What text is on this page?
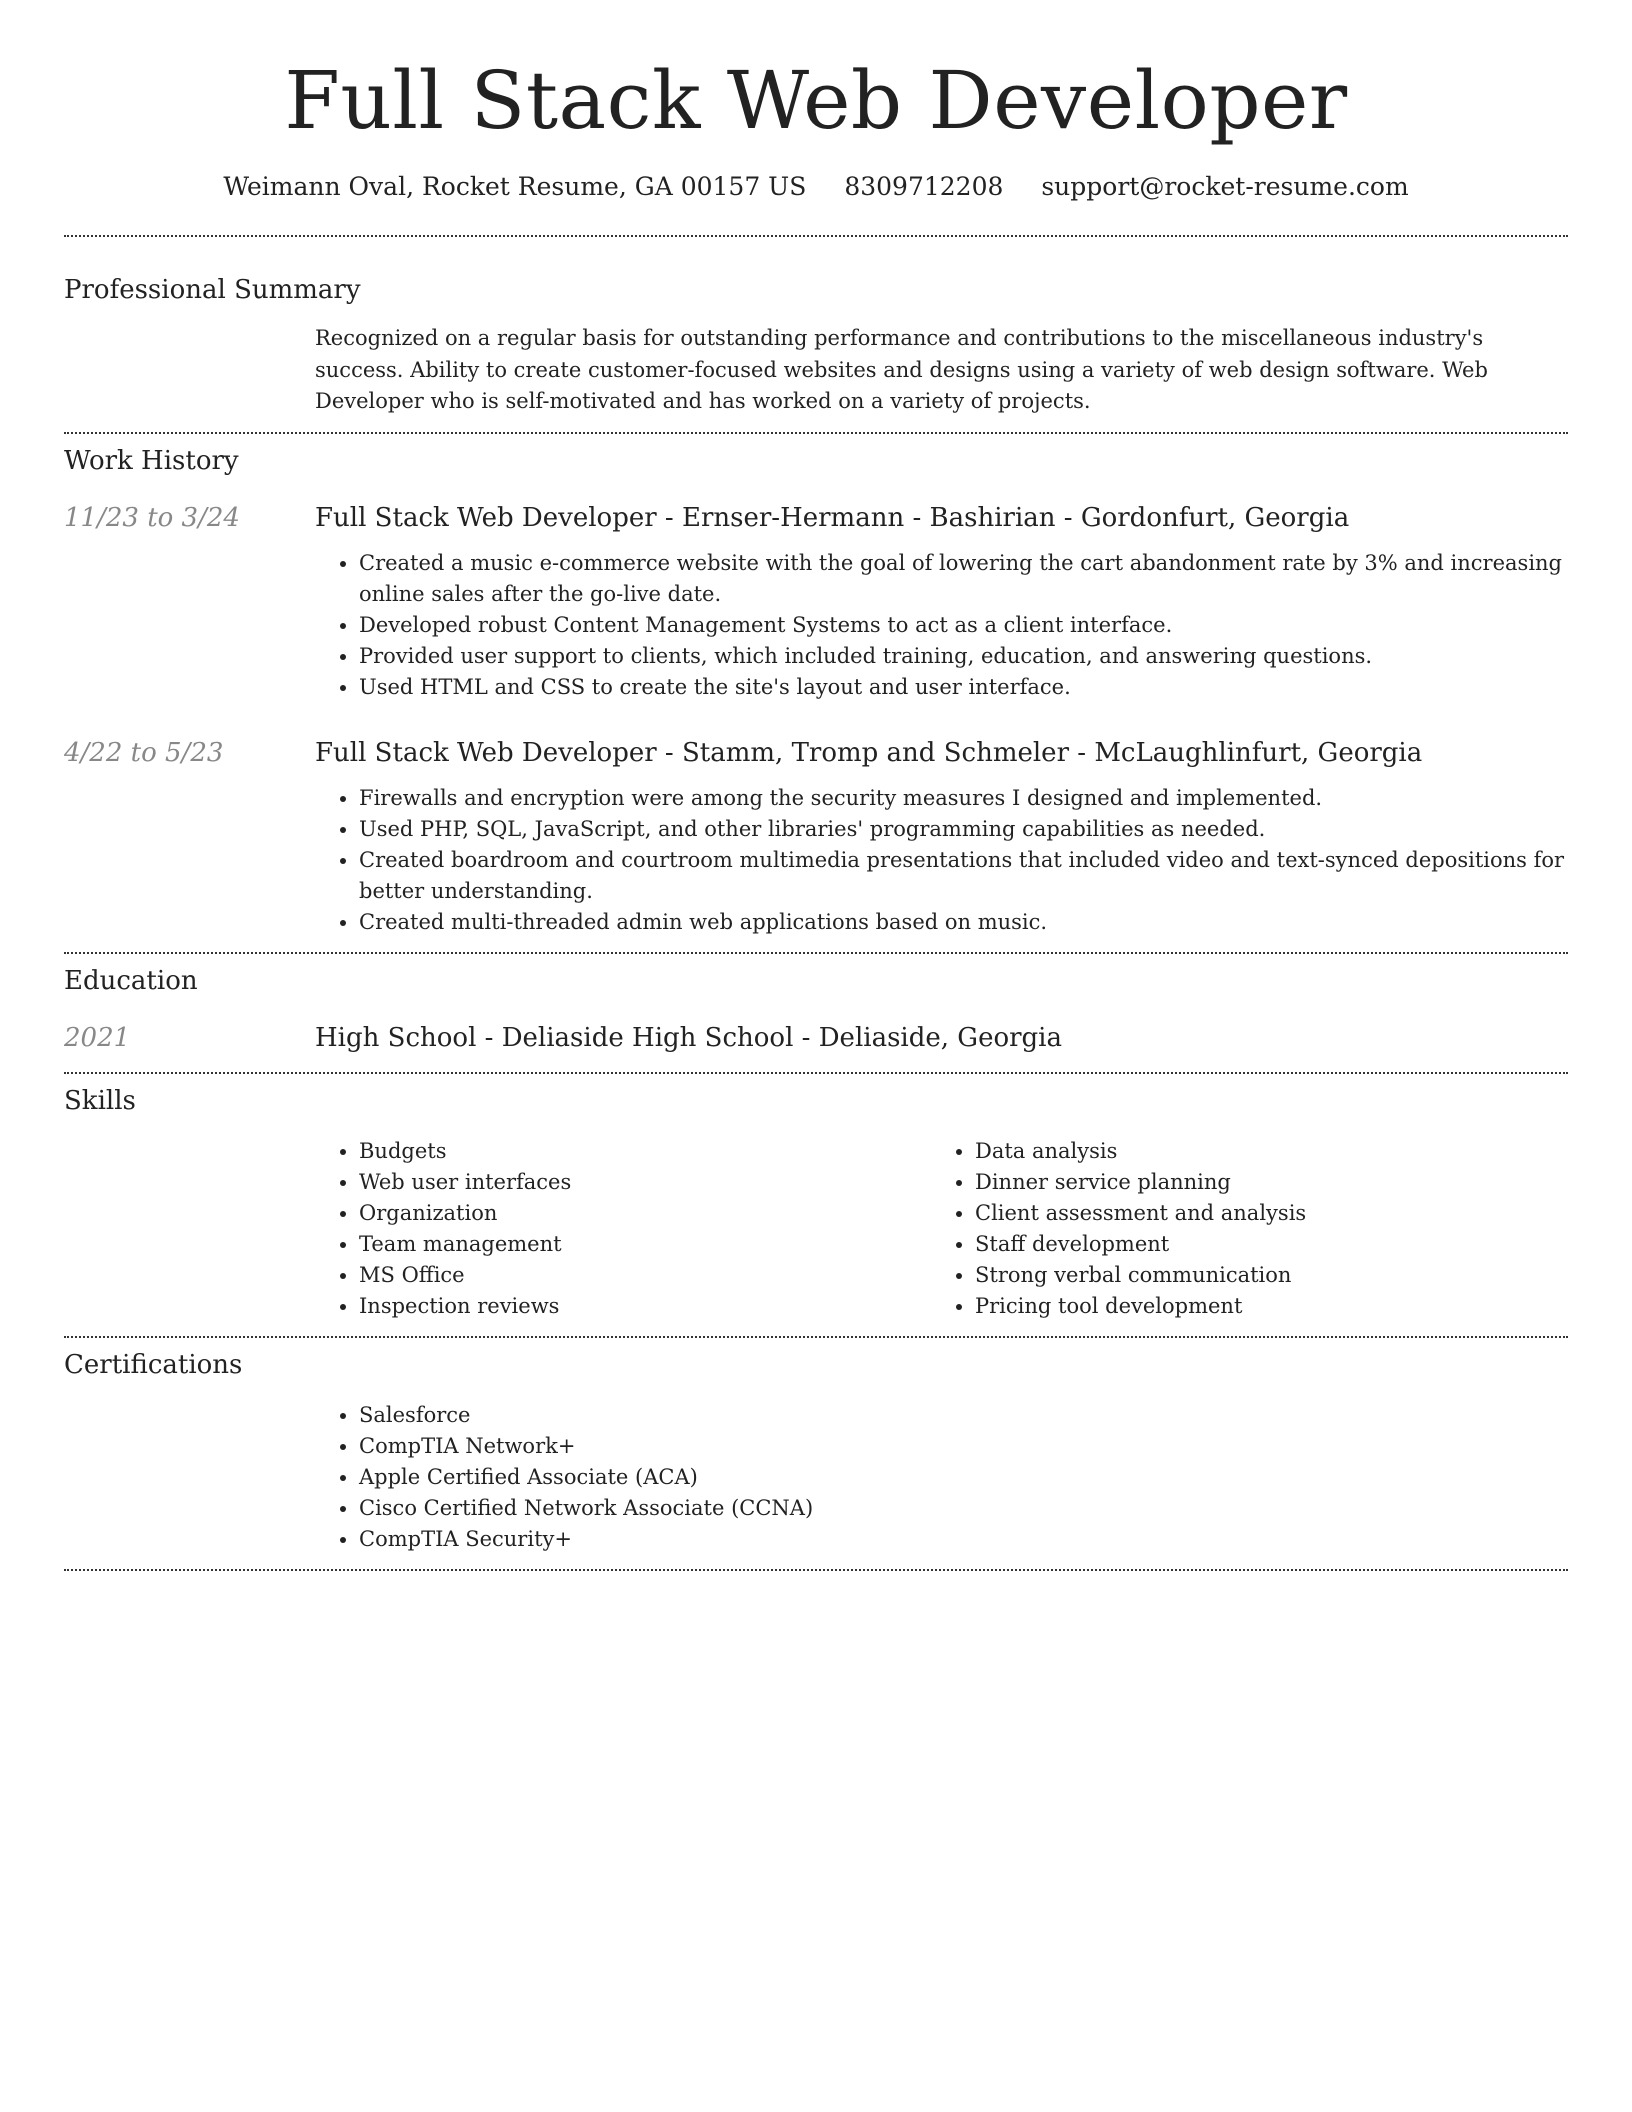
Full Stack Web Developer
Weimann Oval, Rocket Resume, GA 00157 US 8309712208 support@rocket-resume.com
Professional Summary
Recognized on a regular basis for outstanding performance and contributions to the miscellaneous industry's success. Ability to create customer-focused websites and designs using a variety of web design software. Web Developer who is self-motivated and has worked on a variety of projects.
Work History
11/23 to 3/24	Full Stack Web Developer - Ernser-Hermann - Bashirian - Gordonfurt, Georgia
• Created a music e-commerce website with the goal of lowering the cart abandonment rate by 3% and increasing online sales after the go-live date.
• Developed robust Content Management Systems to act as a client interface.
• Provided user support to clients, which included training, education, and answering questions.
• Used HTML and CSS to create the site's layout and user interface.
4/22 to 5/23	Full Stack Web Developer - Stamm, Tromp and Schmeler - McLaughlinfurt, Georgia
• Firewalls and encryption were among the security measures I designed and implemented.
• Used PHP, SQL, JavaScript, and other libraries' programming capabilities as needed.
• Created boardroom and courtroom multimedia presentations that included video and text-synced depositions for better understanding.
• Created multi-threaded admin web applications based on music.
Education
2021	High School - Deliaside High School - Deliaside, Georgia
Skills
• Budgets
• Web user interfaces
• Organization
• Team management
• MS Office
• Inspection reviews
• Data analysis
• Dinner service planning
• Client assessment and analysis
• Staff development
• Strong verbal communication
• Pricing tool development
Certifications
• Salesforce
• CompTIA Network+
• Apple Certified Associate (ACA)
• Cisco Certified Network Associate (CCNA)
• CompTIA Security+
